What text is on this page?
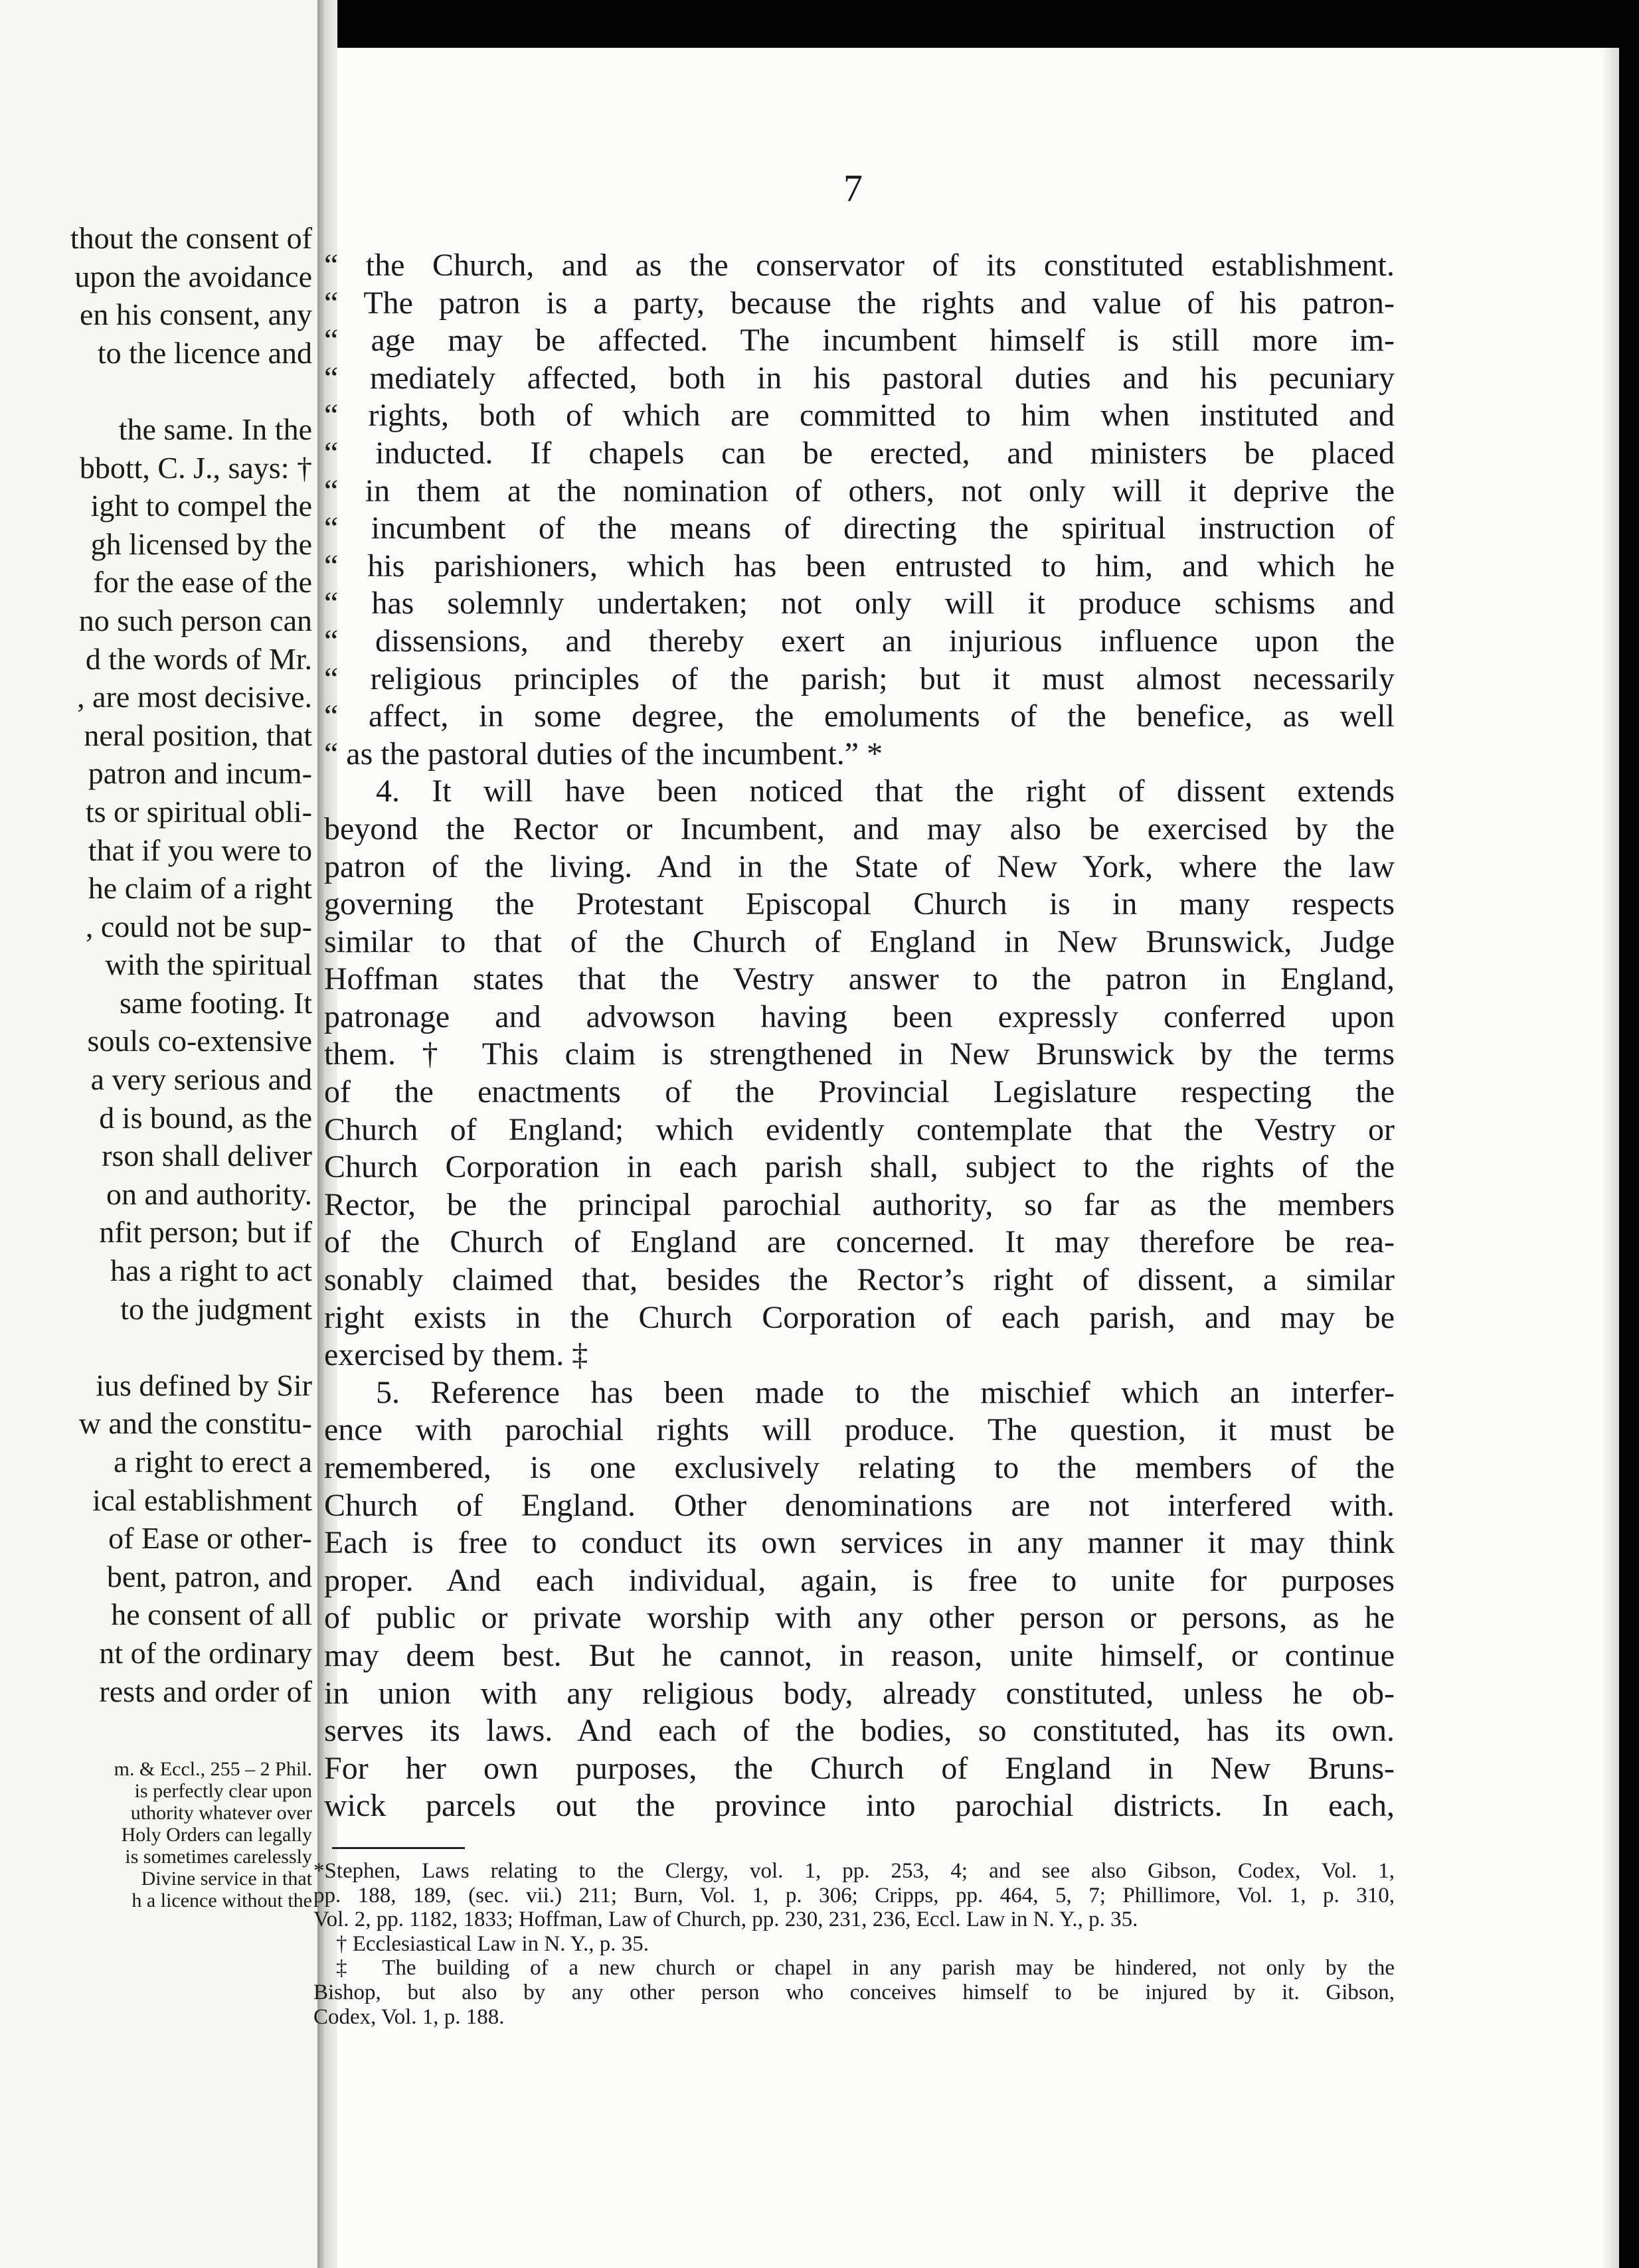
thout the consent of
upon the avoidance
en his consent, any
to the licence and
the same. In the
bbott, C. J., says: †
ight to compel the
gh licensed by the
for the ease of the
no such person can
d the words of Mr.
, are most decisive.
neral position, that
patron and incum-
ts or spiritual obli-
that if you were to
he claim of a right
, could not be sup-
with the spiritual
same footing. It
souls co-extensive
a very serious and
d is bound, as the
rson shall deliver
on and authority.
nfit person; but if
has a right to act
to the judgment
ius defined by Sir
w and the constitu-
a right to erect a
ical establishment
of Ease or other-
bent, patron, and
he consent of all
nt of the ordinary
rests and order of
m. & Eccl., 255 – 2 Phil.
is perfectly clear upon
uthority whatever over
Holy Orders can legally
is sometimes carelessly
Divine service in that
h a licence without the
7
“ the Church, and as the conservator of its constituted establishment.
“ The patron is a party, because the rights and value of his patron-
“ age may be affected. The incumbent himself is still more im-
“ mediately affected, both in his pastoral duties and his pecuniary
“ rights, both of which are committed to him when instituted and
“ inducted. If chapels can be erected, and ministers be placed
“ in them at the nomination of others, not only will it deprive the
“ incumbent of the means of directing the spiritual instruction of
“ his parishioners, which has been entrusted to him, and which he
“ has solemnly undertaken; not only will it produce schisms and
“ dissensions, and thereby exert an injurious influence upon the
“ religious principles of the parish; but it must almost necessarily
“ affect, in some degree, the emoluments of the benefice, as well
“ as the pastoral duties of the incumbent.” *
4. It will have been noticed that the right of dissent extends
beyond the Rector or Incumbent, and may also be exercised by the
patron of the living. And in the State of New York, where the law
governing the Protestant Episcopal Church is in many respects
similar to that of the Church of England in New Brunswick, Judge
Hoffman states that the Vestry answer to the patron in England,
patronage and advowson having been expressly conferred upon
them. † This claim is strengthened in New Brunswick by the terms
of the enactments of the Provincial Legislature respecting the
Church of England; which evidently contemplate that the Vestry or
Church Corporation in each parish shall, subject to the rights of the
Rector, be the principal parochial authority, so far as the members
of the Church of England are concerned. It may therefore be rea-
sonably claimed that, besides the Rector’s right of dissent, a similar
right exists in the Church Corporation of each parish, and may be
exercised by them. ‡
5. Reference has been made to the mischief which an interfer-
ence with parochial rights will produce. The question, it must be
remembered, is one exclusively relating to the members of the
Church of England. Other denominations are not interfered with.
Each is free to conduct its own services in any manner it may think
proper. And each individual, again, is free to unite for purposes
of public or private worship with any other person or persons, as he
may deem best. But he cannot, in reason, unite himself, or continue
in union with any religious body, already constituted, unless he ob-
serves its laws. And each of the bodies, so constituted, has its own.
For her own purposes, the Church of England in New Bruns-
wick parcels out the province into parochial districts. In each,
*Stephen, Laws relating to the Clergy, vol. 1, pp. 253, 4; and see also Gibson, Codex, Vol. 1,
pp. 188, 189, (sec. vii.) 211; Burn, Vol. 1, p. 306; Cripps, pp. 464, 5, 7; Phillimore, Vol. 1, p. 310,
Vol. 2, pp. 1182, 1833; Hoffman, Law of Church, pp. 230, 231, 236, Eccl. Law in N. Y., p. 35.
† Ecclesiastical Law in N. Y., p. 35.
‡ The building of a new church or chapel in any parish may be hindered, not only by the
Bishop, but also by any other person who conceives himself to be injured by it. Gibson,
Codex, Vol. 1, p. 188.
